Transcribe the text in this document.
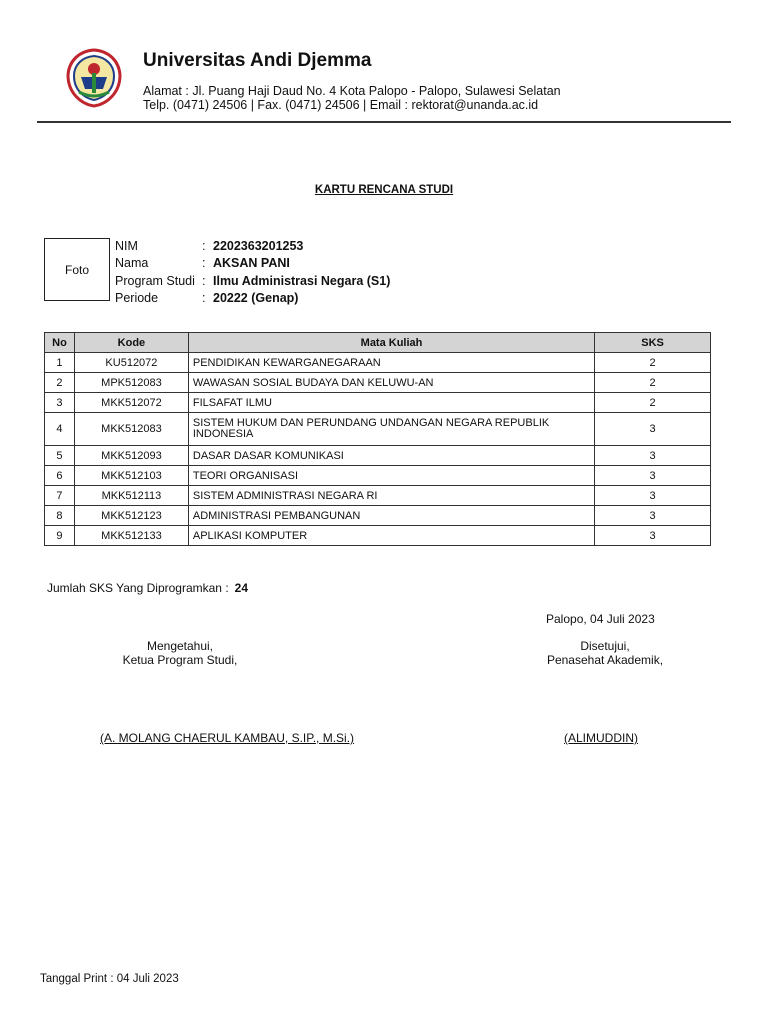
Universitas Andi Djemma
Alamat : Jl. Puang Haji Daud No. 4 Kota Palopo - Palopo, Sulawesi Selatan
Telp. (0471) 24506 | Fax. (0471) 24506 | Email : rektorat@unanda.ac.id
KARTU RENCANA STUDI
Foto
NIM	: 2202363201253
Nama	: AKSAN PANI
Program Studi : Ilmu Administrasi Negara (S1)
Periode	: 20222 (Genap)
No	Kode	Mata Kuliah	SKS
1	KU512072	PENDIDIKAN KEWARGANEGARAAN	2
2	MPK512083	WAWASAN SOSIAL BUDAYA DAN KELUWU-AN	2
3	MKK512072	FILSAFAT ILMU	2
4	MKK512083	SISTEM HUKUM DAN PERUNDANG UNDANGAN NEGARA REPUBLIK INDONESIA	3
5	MKK512093	DASAR DASAR KOMUNIKASI	3
6	MKK512103	TEORI ORGANISASI	3
7	MKK512113	SISTEM ADMINISTRASI NEGARA RI	3
8	MKK512123	ADMINISTRASI PEMBANGUNAN	3
9	MKK512133	APLIKASI KOMPUTER	3
Jumlah SKS Yang Diprogramkan : 24
Palopo, 04 Juli 2023
Mengetahui,
Ketua Program Studi,
Disetujui,
Penasehat Akademik,
(A. MOLANG CHAERUL KAMBAU, S.IP., M.Si.)	(ALIMUDDIN)
Tanggal Print : 04 Juli 2023
